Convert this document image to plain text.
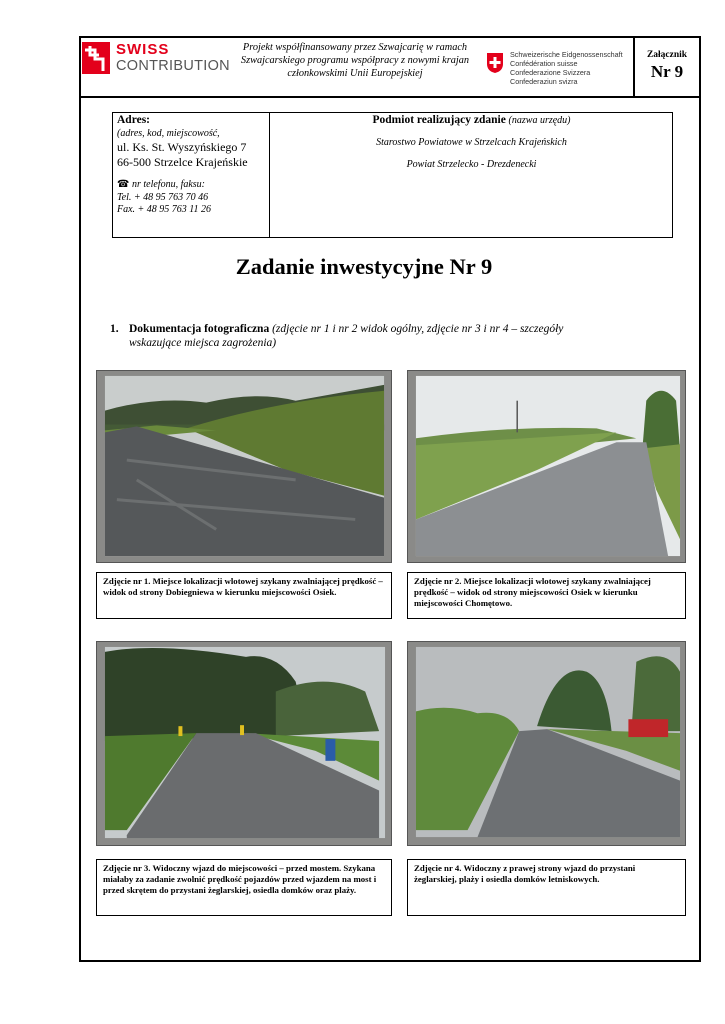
SWISS
CONTRIBUTION
Projekt współfinansowany przez Szwajcarię w ramach Szwajcarskiego programu współpracy z nowymi krajan członkowskimi Unii Europejskiej
Schweizerische Eidgenossenschaft
Confédération suisse
Confederazione Svizzera
Confederaziun svizra
Załącznik
Nr 9
Adres:
(adres, kod, miejscowość,
ul. Ks. St. Wyszyńskiego 7
66-500 Strzelce Krajeńskie
☎ nr telefonu, faksu:
Tel. + 48 95 763 70 46
Fax. + 48 95 763 11 26
Podmiot realizujący zdanie (nazwa urzędu)
Starostwo Powiatowe w Strzelcach Krajeńskich
Powiat Strzelecko - Drezdenecki
Zadanie inwestycyjne Nr 9
1. Dokumentacja fotograficzna (zdjęcie nr 1 i nr 2 widok ogólny, zdjęcie nr 3 i nr 4 – szczegóły
wskazujące miejsca zagrożenia)
Zdjęcie nr 1. Miejsce lokalizacji wlotowej szykany zwalniającej prędkość – widok od strony Dobiegniewa w kierunku miejscowości Osiek.
Zdjęcie nr 2. Miejsce lokalizacji wlotowej szykany zwalniającej prędkość – widok od strony miejscowości Osiek w kierunku miejscowości Chomętowo.
Zdjęcie nr 3. Widoczny wjazd do miejscowości – przed mostem. Szykana miałaby za zadanie zwolnić prędkość pojazdów przed wjazdem na most i przed skrętem do przystani żeglarskiej, osiedla domków oraz plaży.
Zdjęcie nr 4. Widoczny z prawej strony wjazd do przystani żeglarskiej, plaży i osiedla domków letniskowych.
